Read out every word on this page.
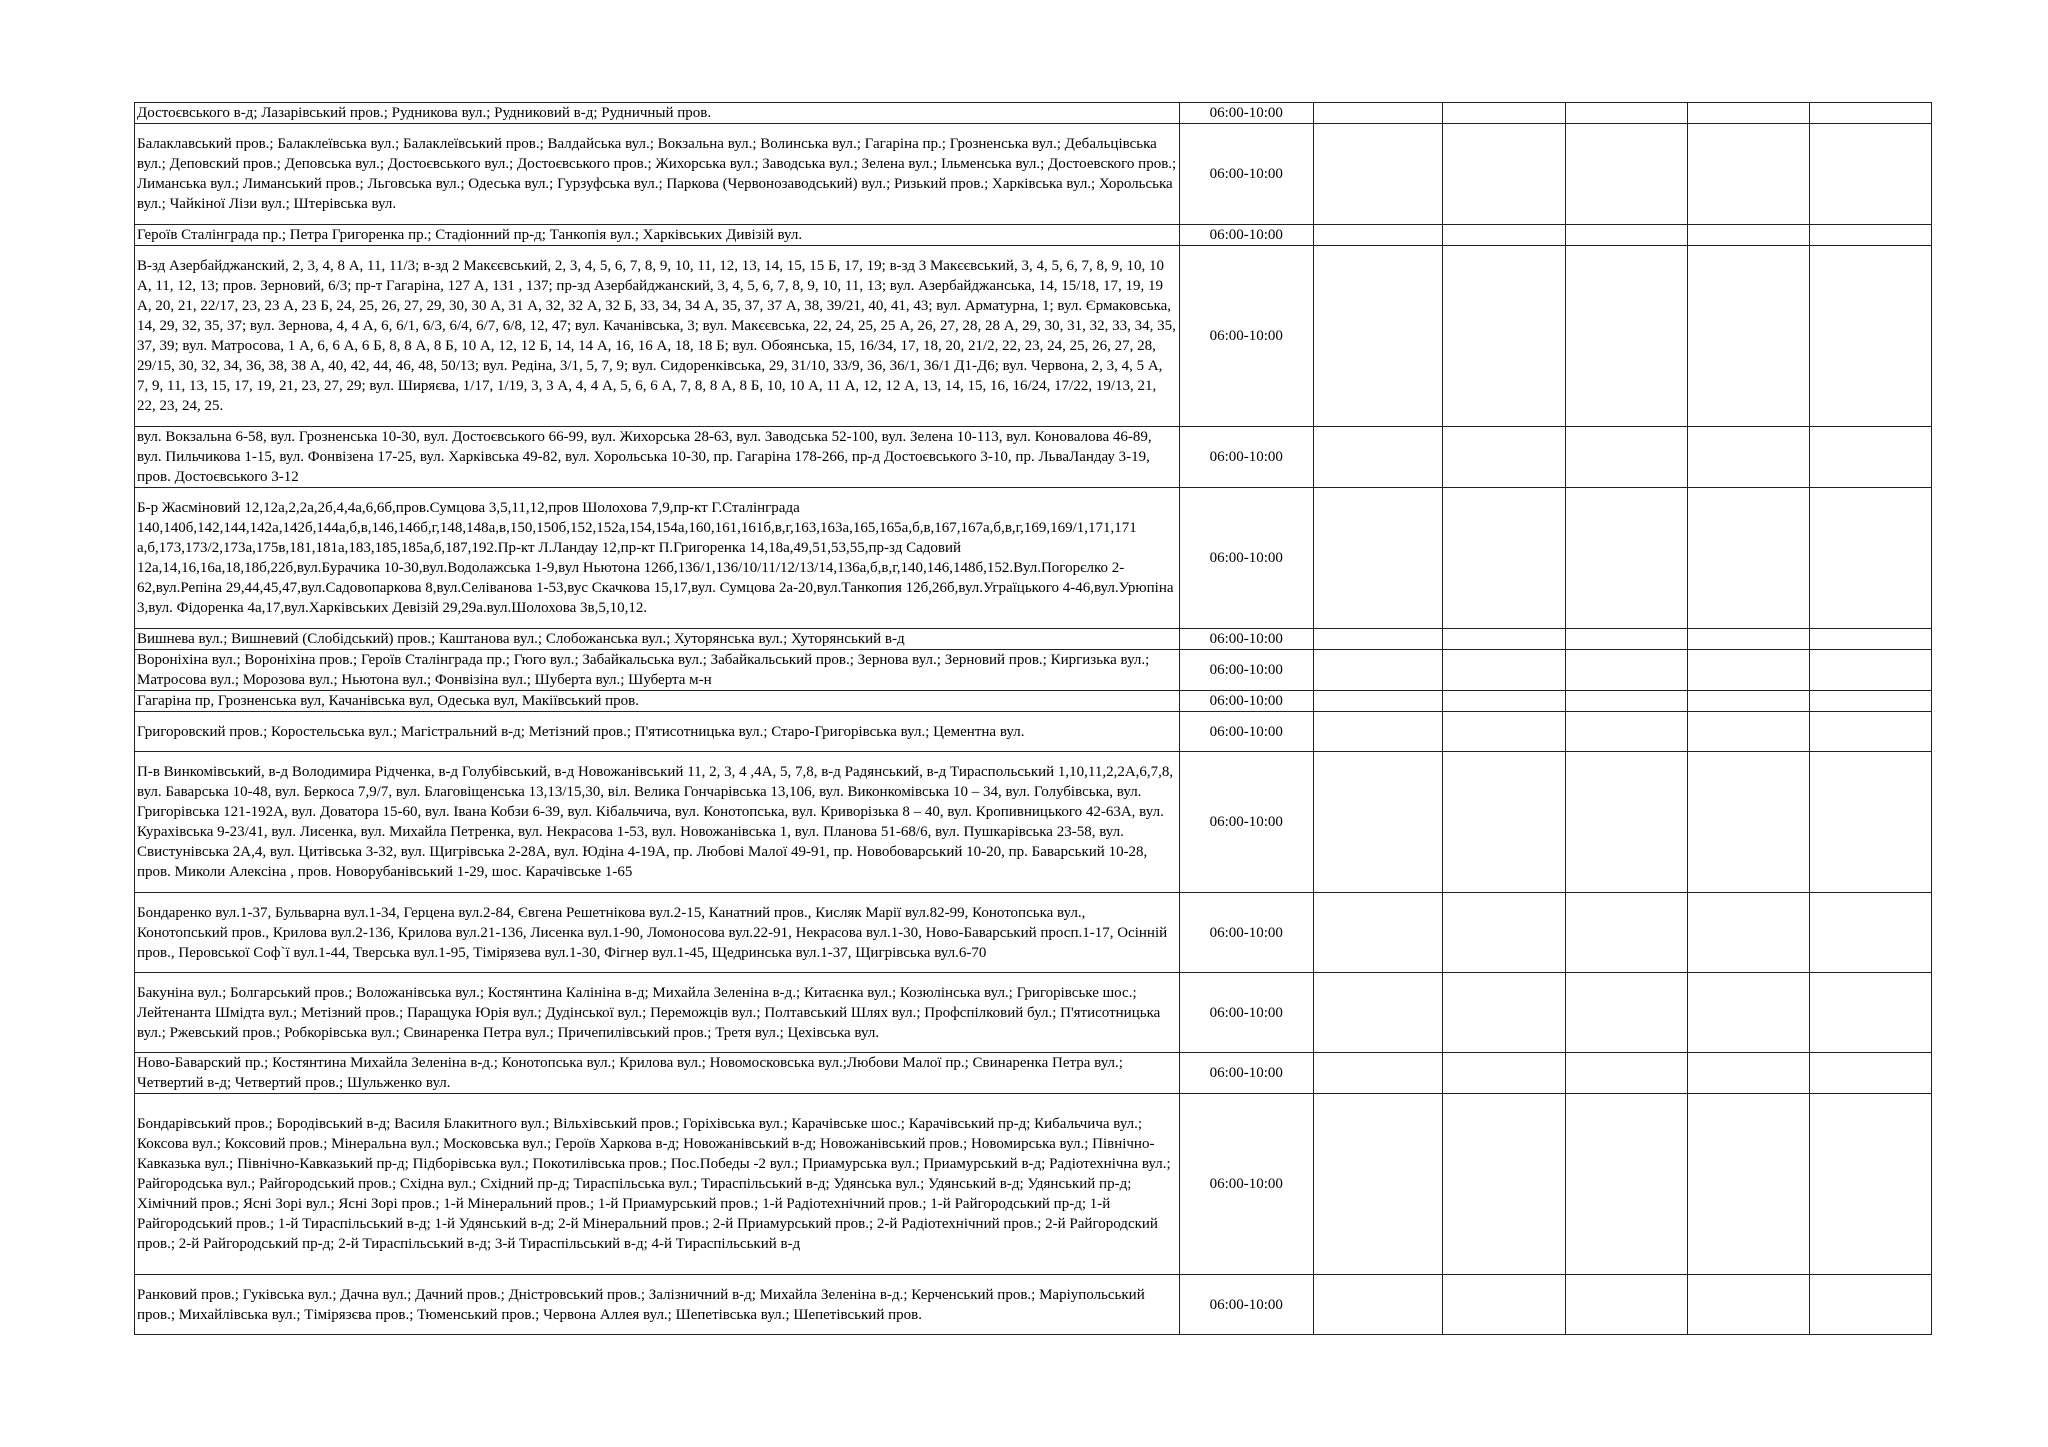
Достоєвського в-д; Лазарівський пров.; Рудникова вул.; Рудниковий в-д; Рудничный пров.	06:00-10:00					

Балаклавський пров.; Балаклеївська вул.; Балаклеївський пров.; Валдайська вул.; Вокзальна вул.; Волинська вул.; Гагаріна пр.; Грозненська вул.; Дебальцівська вул.; Деповский пров.; Деповська вул.; Достоєвського вул.; Достоєвського пров.; Жихорська вул.; Заводська вул.; Зелена вул.; Ільменська вул.; Достоевского пров.; Лиманська вул.; Лиманський пров.; Льговська вул.; Одеська вул.; Гурзуфська вул.; Паркова (Червонозаводський) вул.; Ризький пров.; Харківська вул.; Хорольська вул.; Чайкіної Лізи вул.; Штерівська вул.	06:00-10:00					

Героїв Сталінграда пр.; Петра Григоренка пр.; Стадіонний пр-д; Танкопія вул.; Харківських Дивізій вул.	06:00-10:00					

В-зд Азербайджанский, 2, 3, 4, 8 А, 11, 11/3; в-зд 2 Макєєвський, 2, 3, 4, 5, 6, 7, 8, 9, 10, 11, 12, 13, 14, 15, 15 Б, 17, 19; в-зд 3 Макєєвський, 3, 4, 5, 6, 7, 8, 9, 10, 10 А, 11, 12, 13; пров. Зерновий, 6/3; пр-т Гагаріна, 127 А, 131 , 137; пр-зд Азербайджанский, 3, 4, 5, 6, 7, 8, 9, 10, 11, 13; вул. Азербайджанська, 14, 15/18, 17, 19, 19 А, 20, 21, 22/17, 23, 23 А, 23 Б, 24, 25, 26, 27, 29, 30, 30 А, 31 А, 32, 32 А, 32 Б, 33, 34, 34 А, 35, 37, 37 А, 38, 39/21, 40, 41, 43; вул. Арматурна, 1; вул. Єрмаковська, 14, 29, 32, 35, 37; вул. Зернова, 4, 4 А, 6, 6/1, 6/3, 6/4, 6/7, 6/8, 12, 47; вул. Качанівська, 3; вул. Макєєвська, 22, 24, 25, 25 А, 26, 27, 28, 28 А, 29, 30, 31, 32, 33, 34, 35, 37, 39; вул. Матросова, 1 А, 6, 6 А, 6 Б, 8, 8 А, 8 Б, 10 А, 12, 12 Б, 14, 14 А, 16, 16 А, 18, 18 Б; вул. Обоянська, 15, 16/34, 17, 18, 20, 21/2, 22, 23, 24, 25, 26, 27, 28, 29/15, 30, 32, 34, 36, 38, 38 А, 40, 42, 44, 46, 48, 50/13; вул. Редіна, 3/1, 5, 7, 9; вул. Сидоренківська, 29, 31/10, 33/9, 36, 36/1, 36/1 Д1-Д6; вул. Червона, 2, 3, 4, 5 А, 7, 9, 11, 13, 15, 17, 19, 21, 23, 27, 29; вул. Ширяєва, 1/17, 1/19, 3, 3 А, 4, 4 А, 5, 6, 6 А, 7, 8, 8 А, 8 Б, 10, 10 А, 11 А, 12, 12 А, 13, 14, 15, 16, 16/24, 17/22, 19/13, 21, 22, 23, 24, 25.	06:00-10:00					

вул. Вокзальна 6-58, вул. Грозненська 10-30, вул. Достоєвського 66-99, вул. Жихорська 28-63, вул. Заводська 52-100, вул. Зелена 10-113, вул. Коновалова 46-89, вул. Пильчикова 1-15, вул. Фонвізена 17-25, вул. Харківська 49-82, вул. Хорольська 10-30, пр. Гагаріна 178-266, пр-д Достоєвського 3-10, пр. ЛьваЛандау 3-19, пров. Достоєвського 3-12	06:00-10:00					

Б-р Жасміновий 12,12а,2,2а,2б,4,4а,6,6б,пров.Сумцова 3,5,11,12,пров Шолохова 7,9,пр-кт Г.Сталінграда 140,140б,142,144,142а,142б,144а,б,в,146,146б,г,148,148а,в,150,150б,152,152а,154,154а,160,161,161б,в,г,163,163а,165,165а,б,в,167,167а,б,в,г,169,169/1,171,171 а,б,173,173/2,173а,175в,181,181а,183,185,185а,б,187,192.Пр-кт Л.Ландау 12,пр-кт П.Григоренка 14,18а,49,51,53,55,пр-зд Садовий 12а,14,16,16а,18,18б,22б,вул.Бурачика 10-30,вул.Водолажська 1-9,вул Ньютона 126б,136/1,136/10/11/12/13/14,136а,б,в,г,140,146,148б,152.Вул.Погорєлко 2-62,вул.Репіна 29,44,45,47,вул.Садовопаркова 8,вул.Селіванова 1-53,вус Скачкова 15,17,вул. Сумцова 2а-20,вул.Танкопия 12б,26б,вул.Уграїцького 4-46,вул.Урюпіна 3,вул. Фідоренка 4а,17,вул.Харківських Девізій 29,29а.вул.Шолохова 3в,5,10,12.	06:00-10:00					

Вишнева вул.; Вишневий (Слобідський) пров.; Каштанова вул.; Слобожанська вул.; Хуторянська вул.; Хуторянський в-д	06:00-10:00					

Вороніхіна вул.; Вороніхіна пров.; Героїв Сталінграда пр.; Гюго вул.; Забайкальська вул.; Забайкальський пров.; Зернова вул.; Зерновий пров.; Киргизька вул.; Матросова вул.; Морозова вул.; Ньютона вул.; Фонвізіна вул.; Шуберта вул.; Шуберта м-н	06:00-10:00					

Гагаріна пр, Грозненська вул, Качанівська вул, Одеська вул, Макіївський пров.	06:00-10:00					

Григоровский пров.; Коростельська вул.; Магістральний в-д; Метізний пров.; П'ятисотницька вул.; Старо-Григорівська вул.; Цементна вул.	06:00-10:00					

П-в Винкомівський, в-д Володимира Рідченка, в-д Голубівський, в-д Новожанівський 11, 2, 3, 4 ,4А, 5, 7,8, в-д Радянський, в-д Тираспольський 1,10,11,2,2А,6,7,8, вул. Баварська 10-48, вул. Беркоса 7,9/7, вул. Благовіщенська 13,13/15,30, віл. Велика Гончарівська 13,106, вул. Виконкомівська 10 – 34, вул. Голубівська, вул. Григорівська 121-192А, вул. Доватора 15-60, вул. Івана Кобзи 6-39, вул. Кібальчича, вул. Конотопська, вул. Криворізька 8 – 40, вул. Кропивницького 42-63А, вул. Курахівська 9-23/41, вул. Лисенка, вул. Михайла Петренка, вул. Некрасова 1-53, вул. Новожанівська 1, вул. Планова 51-68/6, вул. Пушкарівська 23-58, вул. Свистунівська 2А,4, вул. Цитівська 3-32, вул. Щигрівська 2-28А, вул. Юдіна 4-19А, пр. Любові Малої 49-91, пр. Новобоварський 10-20, пр. Баварський 10-28, пров. Миколи Алексіна , пров. Новорубанівський 1-29, шос. Карачівське 1-65	06:00-10:00					

Бондаренко вул.1-37, Бульварна вул.1-34, Герцена вул.2-84, Євгена Решетнікова вул.2-15, Канатний пров., Кисляк Марії вул.82-99, Конотопська вул., Конотопський пров., Крилова вул.2-136, Крилова вул.21-136, Лисенка вул.1-90, Ломоносова вул.22-91, Некрасова вул.1-30, Ново-Баварський просп.1-17, Осінній пров., Перовської Соф`ї вул.1-44, Тверська вул.1-95, Тімірязева вул.1-30, Фігнер вул.1-45, Щедринська вул.1-37, Щигрівська вул.6-70	06:00-10:00					

Бакуніна вул.; Болгарський пров.; Воложанівська вул.; Костянтина Калініна в-д; Михайла Зеленіна в-д.; Китаєнка вул.; Козюлінська вул.; Григорівське шос.; Лейтенанта Шмідта вул.; Метізний пров.; Паращука Юрія вул.; Дудінської вул.; Переможців вул.; Полтавський Шлях вул.; Профспілковий бул.; П'ятисотницька вул.; Ржевський пров.; Робкорівська вул.; Свинаренка Петра вул.; Причепилівський пров.; Третя вул.; Цехівська вул.	06:00-10:00					

Ново-Баварский пр.; Костянтина Михайла Зеленіна в-д.; Конотопська вул.; Крилова вул.; Новомосковська вул.;Любови Малої пр.; Свинаренка Петра вул.; Четвертий в-д; Четвертий пров.; Шульженко вул.	06:00-10:00					

Бондарівський пров.; Бородівський в-д; Василя Блакитного вул.; Вільхівський пров.; Горіхівська вул.; Карачівське шос.; Карачівський пр-д; Кибальчича вул.; Коксова вул.; Коксовий пров.; Мінеральна вул.; Московська вул.; Героїв Харкова в-д; Новожанівський в-д; Новожанівський пров.; Новомирська вул.; Північно-Кавказька вул.; Північно-Кавказький пр-д; Підборівська вул.; Покотилівська пров.; Пос.Победы -2 вул.; Приамурська вул.; Приамурський в-д; Радіотехнічна вул.; Райгородська вул.; Райгородський пров.; Східна вул.; Східний пр-д; Тираспільська вул.; Тираспільський в-д; Удянська вул.; Удянський в-д; Удянський пр-д; Хімічний пров.; Ясні Зорі вул.; Ясні Зорі пров.; 1-й Мінеральний пров.; 1-й Приамурський пров.; 1-й Радіотехнічний пров.; 1-й Райгородський пр-д; 1-й Райгородський пров.; 1-й Тираспільський в-д; 1-й Удянський в-д; 2-й Мінеральний пров.; 2-й Приамурський пров.; 2-й Радіотехнічний пров.; 2-й Райгородский пров.; 2-й Райгородський пр-д; 2-й Тираспільський в-д; 3-й Тираспільський в-д; 4-й Тираспільський в-д	06:00-10:00					

Ранковий пров.; Гуківська вул.; Дачна вул.; Дачний пров.; Дністровський пров.; Залізничний в-д; Михайла Зеленіна в-д.; Керченський пров.; Маріупольський пров.; Михайлівська вул.; Тімірязєва пров.; Тюменський пров.; Червона Аллея вул.; Шепетівська вул.; Шепетівський пров.	06:00-10:00					
